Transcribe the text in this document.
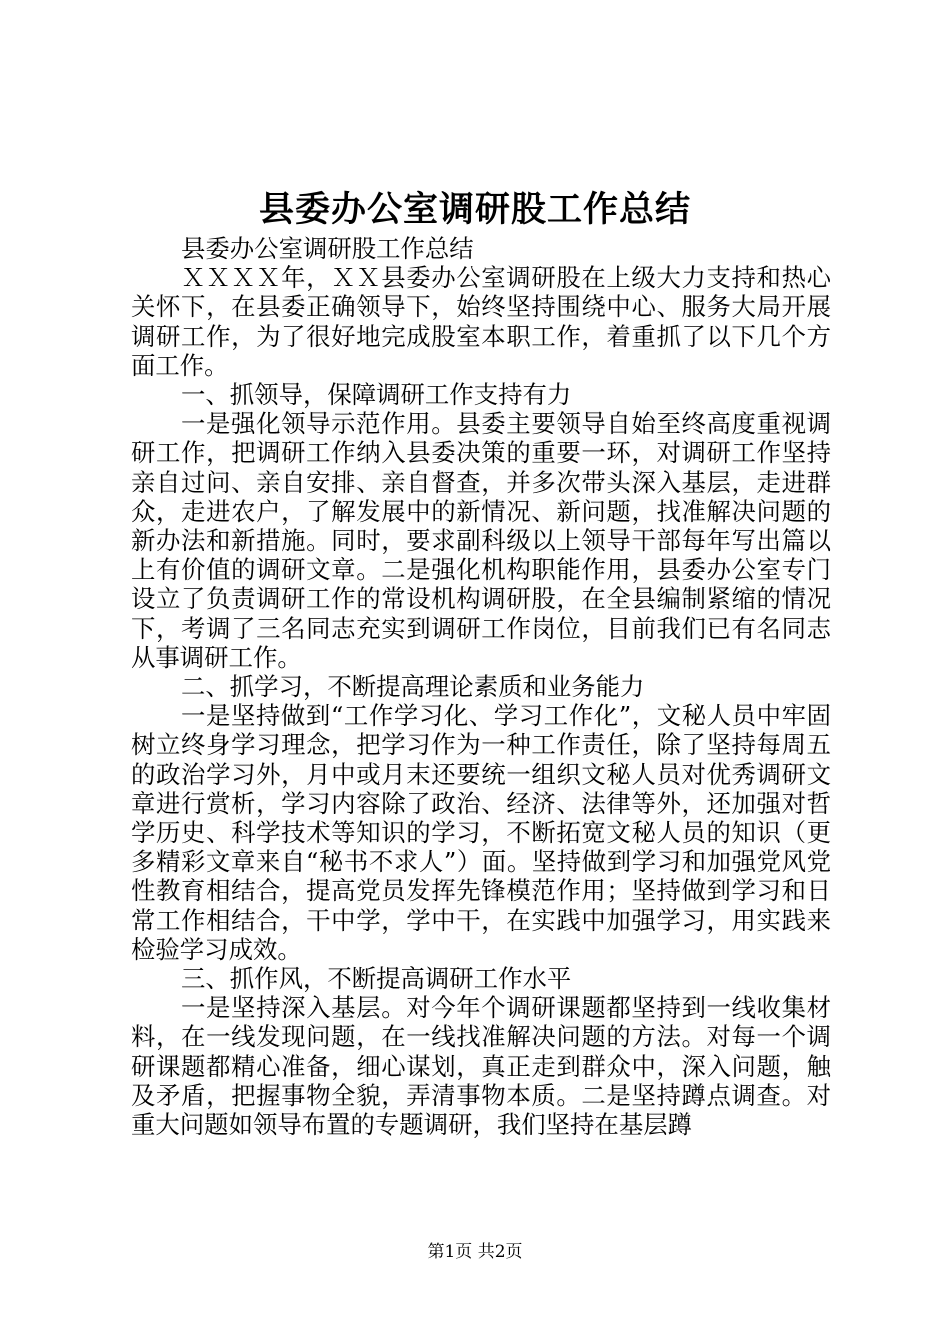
县委办公室调研股工作总结

县委办公室调研股工作总结

ＸＸＸＸ年，ＸＸ县委办公室调研股在上级大力支持和热心关怀下，在县委正确领导下，始终坚持围绕中心、服务大局开展调研工作，为了很好地完成股室本职工作，着重抓了以下几个方面工作。

一、抓领导，保障调研工作支持有力

一是强化领导示范作用。县委主要领导自始至终高度重视调研工作，把调研工作纳入县委决策的重要一环，对调研工作坚持亲自过问、亲自安排、亲自督查，并多次带头深入基层，走进群众，走进农户，了解发展中的新情况、新问题，找准解决问题的新办法和新措施。同时，要求副科级以上领导干部每年写出篇以上有价值的调研文章。二是强化机构职能作用，县委办公室专门设立了负责调研工作的常设机构调研股，在全县编制紧缩的情况下，考调了三名同志充实到调研工作岗位，目前我们已有名同志从事调研工作。

二、抓学习，不断提高理论素质和业务能力

一是坚持做到“工作学习化、学习工作化”，文秘人员中牢固树立终身学习理念，把学习作为一种工作责任，除了坚持每周五的政治学习外，月中或月末还要统一组织文秘人员对优秀调研文章进行赏析，学习内容除了政治、经济、法律等外，还加强对哲学历史、科学技术等知识的学习，不断拓宽文秘人员的知识（更多精彩文章来自“秘书不求人”）面。坚持做到学习和加强党风党性教育相结合，提高党员发挥先锋模范作用；坚持做到学习和日常工作相结合，干中学，学中干，在实践中加强学习，用实践来检验学习成效。

三、抓作风，不断提高调研工作水平

一是坚持深入基层。对今年个调研课题都坚持到一线收集材料，在一线发现问题，在一线找准解决问题的方法。对每一个调研课题都精心准备，细心谋划，真正走到群众中，深入问题，触及矛盾，把握事物全貌，弄清事物本质。二是坚持蹲点调查。对重大问题如领导布置的专题调研，我们坚持在基层蹲

第1页 共2页
